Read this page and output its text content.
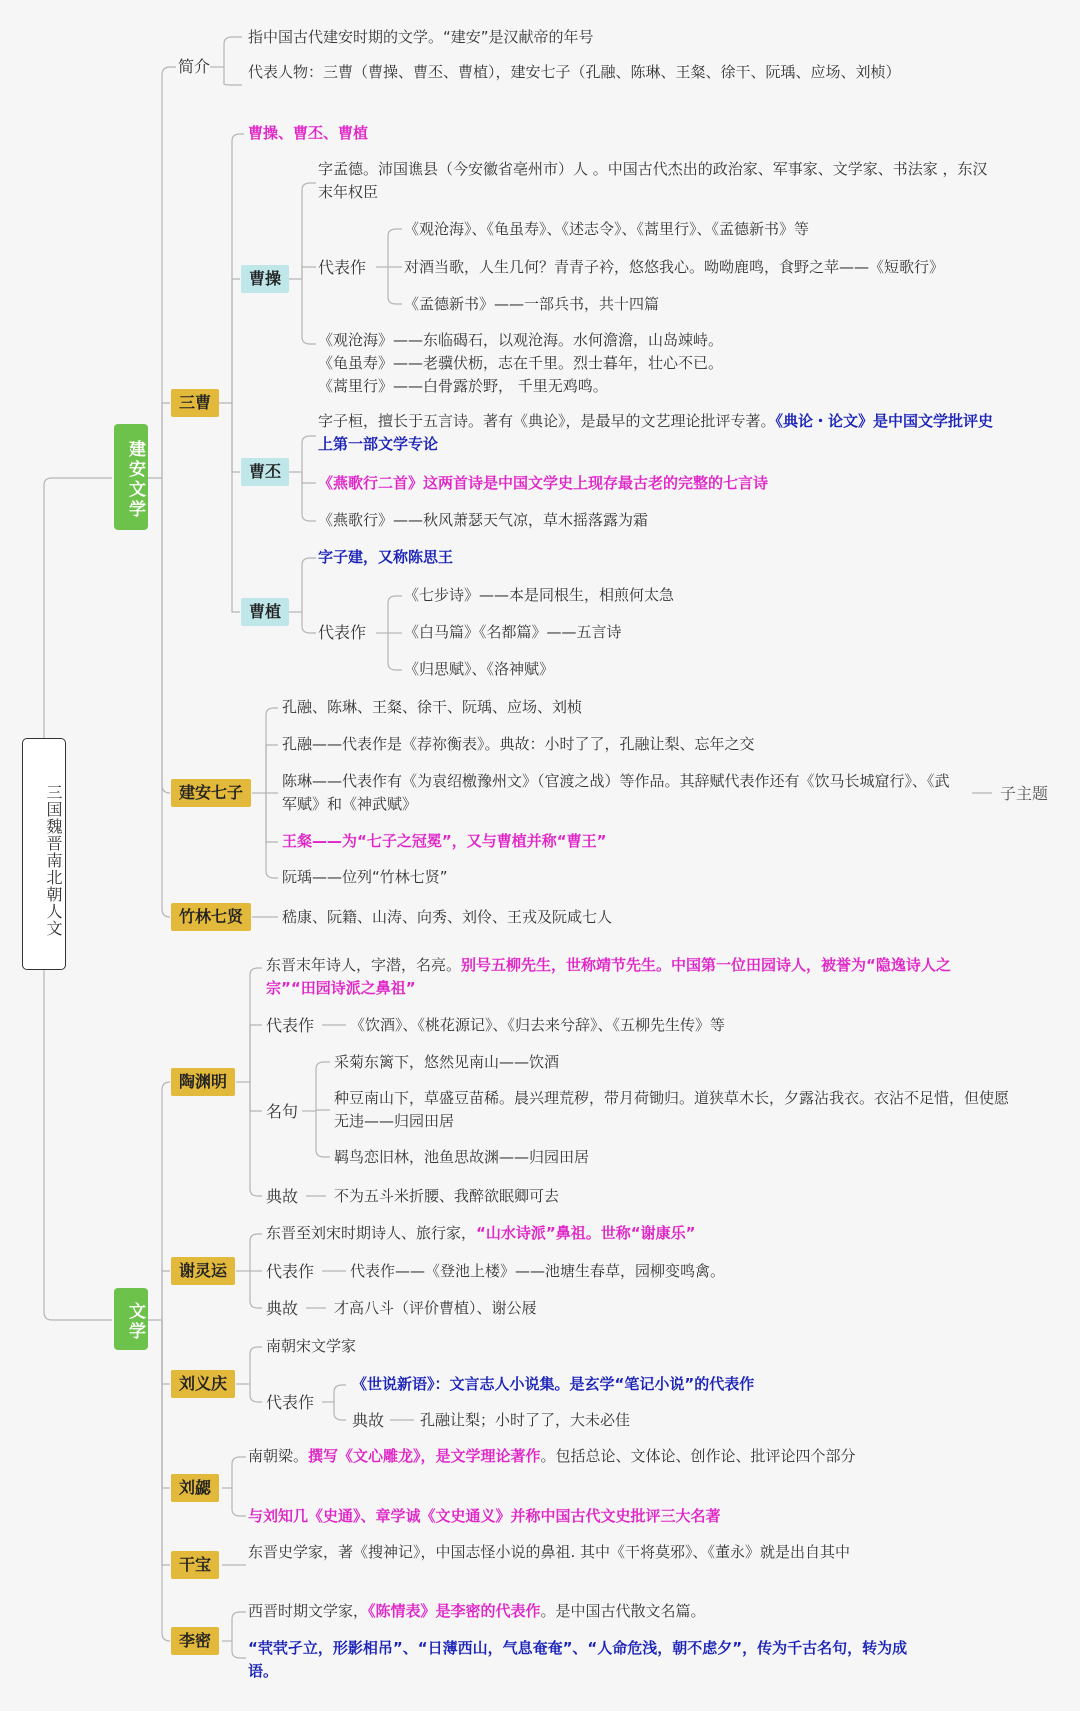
三国魏晋南北朝人文
建安文学
简介
指中国古代建安时期的文学。“建安”是汉献帝的年号
代表人物：三曹（曹操、曹丕、曹植），建安七子（孔融、陈琳、王粲、徐干、阮瑀、应场、刘桢）
三曹
曹操、曹丕、曹植
曹操
字孟德。沛国谯县（今安徽省亳州市）人 。中国古代杰出的政治家、军事家、文学家、书法家 ，东汉末年权臣
代表作
《观沧海》、《龟虽寿》、《述志令》、《蒿里行》、《孟德新书》等
对酒当歌，人生几何？青青子衿，悠悠我心。呦呦鹿鸣，食野之苹——《短歌行》
《孟德新书》——一部兵书，共十四篇
《观沧海》——东临碣石，以观沧海。水何澹澹，山岛竦峙。
《龟虽寿》——老骥伏枥，志在千里。烈士暮年，壮心不已。
《蒿里行》——白骨露於野， 千里无鸡鸣。
曹丕
字子桓，擅长于五言诗。著有《典论》，是最早的文艺理论批评专著。《典论・论文》是中国文学批评史上第一部文学专论
《燕歌行二首》这两首诗是中国文学史上现存最古老的完整的七言诗
《燕歌行》——秋风萧瑟天气凉，草木摇落露为霜
曹植
字子建，又称陈思王
代表作
《七步诗》——本是同根生，相煎何太急
《白马篇》《名都篇》——五言诗
《归思赋》、《洛神赋》
建安七子
孔融、陈琳、王粲、徐干、阮瑀、应场、刘桢
孔融——代表作是《荐祢衡表》。典故：小时了了，孔融让梨、忘年之交
陈琳——代表作有《为袁绍檄豫州文》（官渡之战）等作品。其辞赋代表作还有《饮马长城窟行》、《武军赋》和《神武赋》
王粲——为“七子之冠冕”，又与曹植并称“曹王”
阮瑀——位列“竹林七贤”
子主题
竹林七贤	嵇康、阮籍、山涛、向秀、刘伶、王戎及阮咸七人
文学
陶渊明
东晋末年诗人，字潜，名亮。别号五柳先生，世称靖节先生。中国第一位田园诗人，被誉为“隐逸诗人之宗”“田园诗派之鼻祖”
代表作 《饮酒》、《桃花源记》、《归去来兮辞》、《五柳先生传》等
名句
采菊东篱下，悠然见南山——饮酒
种豆南山下，草盛豆苗稀。晨兴理荒秽，带月荷锄归。道狭草木长，夕露沾我衣。衣沾不足惜，但使愿无违——归园田居
羁鸟恋旧林，池鱼思故渊——归园田居
典故 不为五斗米折腰、我醉欲眠卿可去
谢灵运
东晋至刘宋时期诗人、旅行家，“山水诗派”鼻祖。世称“谢康乐”
代表作 代表作——《登池上楼》——池塘生春草，园柳变鸣禽。
典故 才高八斗（评价曹植）、谢公屐
刘义庆
南朝宋文学家
代表作
《世说新语》：文言志人小说集。是玄学“笔记小说”的代表作
典故 孔融让梨；小时了了，大未必佳
刘勰
南朝梁。撰写《文心雕龙》，是文学理论著作。包括总论、文体论、创作论、批评论四个部分
与刘知几《史通》、章学诚《文史通义》并称中国古代文史批评三大名著
干宝
东晋史学家，著《搜神记》，中国志怪小说的鼻祖. 其中《干将莫邪》、《董永》就是出自其中
李密
西晋时期文学家，《陈情表》是李密的代表作。是中国古代散文名篇。
“茕茕孑立，形影相吊”、“日薄西山，气息奄奄”、“人命危浅，朝不虑夕”，传为千古名句，转为成语。
